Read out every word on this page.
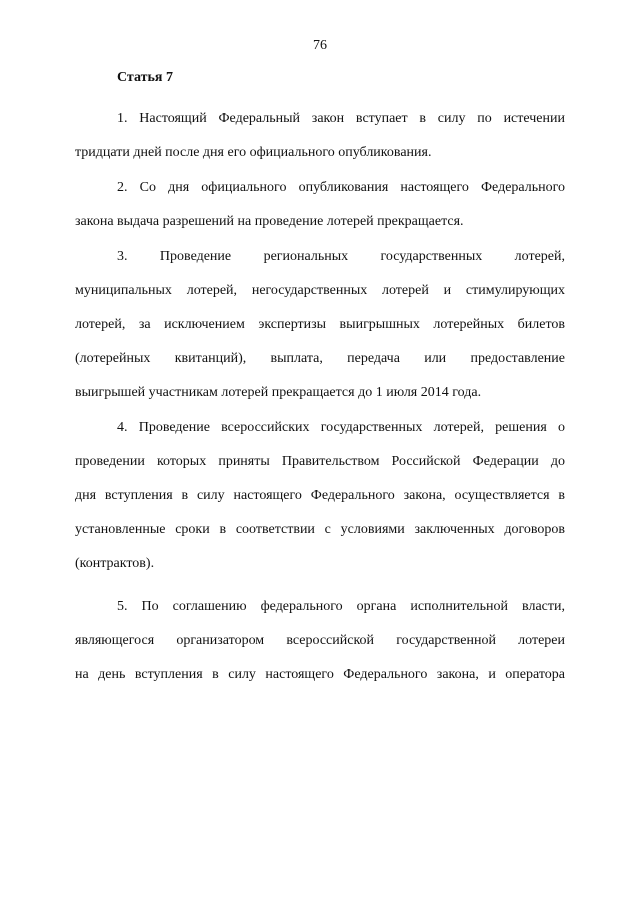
76
Статья 7

1. Настоящий Федеральный закон вступает в силу по истечении
тридцати дней после дня его официального опубликования.

2. Со дня официального опубликования настоящего Федерального
закона выдача разрешений на проведение лотерей прекращается.

3. Проведение региональных государственных лотерей,
муниципальных лотерей, негосударственных лотерей и стимулирующих
лотерей, за исключением экспертизы выигрышных лотерейных билетов
(лотерейных квитанций), выплата, передача или предоставление
выигрышей участникам лотерей прекращается до 1 июля 2014 года.

4. Проведение всероссийских государственных лотерей, решения о
проведении которых приняты Правительством Российской Федерации до
дня вступления в силу настоящего Федерального закона, осуществляется в
установленные сроки в соответствии с условиями заключенных договоров
(контрактов).

5. По соглашению федерального органа исполнительной власти,
являющегося организатором всероссийской государственной лотереи
на день вступления в силу настоящего Федерального закона, и оператора
